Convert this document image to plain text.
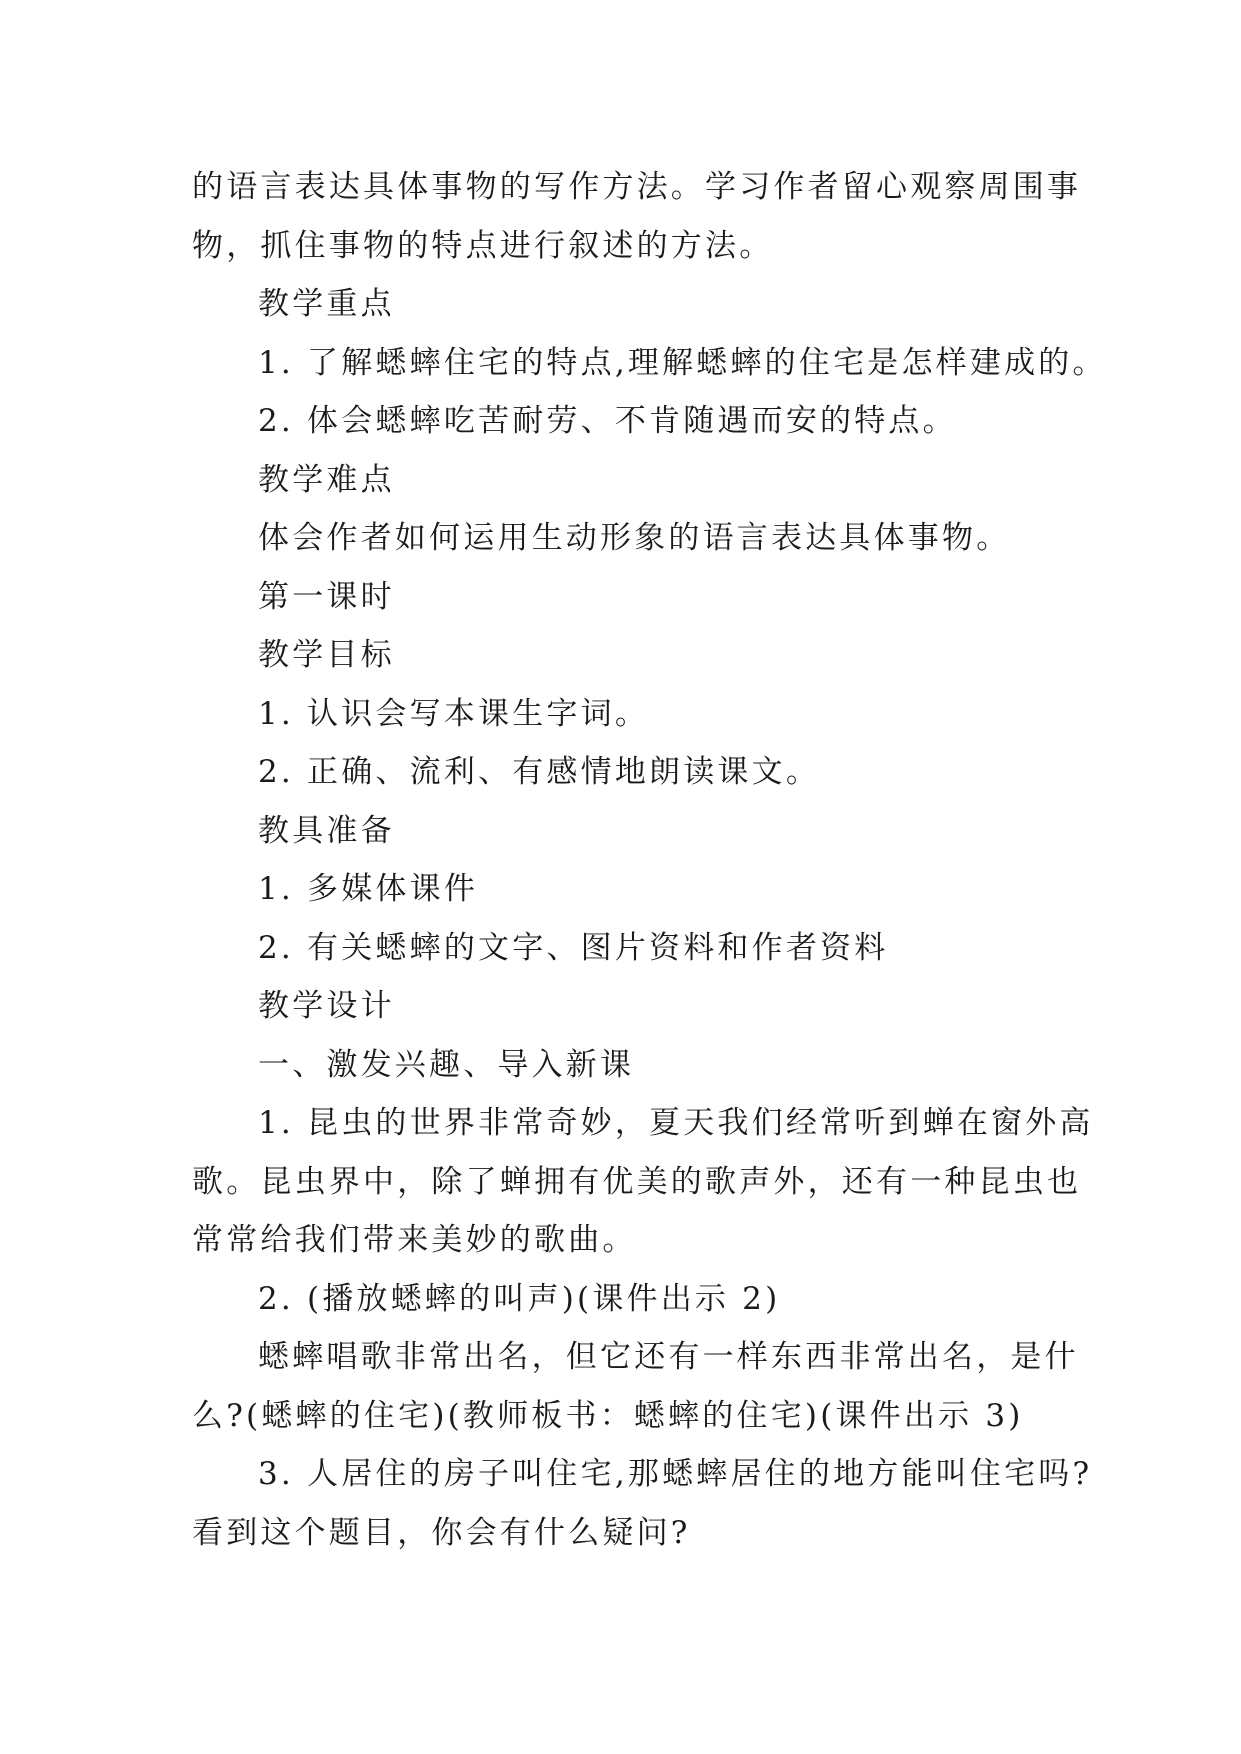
的语言表达具体事物的写作方法。学习作者留心观察周围事
物，抓住事物的特点进行叙述的方法。
教学重点
1. 了解蟋蟀住宅的特点,理解蟋蟀的住宅是怎样建成的。
2. 体会蟋蟀吃苦耐劳、不肯随遇而安的特点。
教学难点
体会作者如何运用生动形象的语言表达具体事物。
第一课时
教学目标
1. 认识会写本课生字词。
2. 正确、流利、有感情地朗读课文。
教具准备
1. 多媒体课件
2. 有关蟋蟀的文字、图片资料和作者资料
教学设计
一、激发兴趣、导入新课
1. 昆虫的世界非常奇妙，夏天我们经常听到蝉在窗外高
歌。昆虫界中，除了蝉拥有优美的歌声外，还有一种昆虫也
常常给我们带来美妙的歌曲。
2. (播放蟋蟀的叫声)(课件出示 2)
蟋蟀唱歌非常出名，但它还有一样东西非常出名，是什
么?(蟋蟀的住宅)(教师板书：蟋蟀的住宅)(课件出示 3)
3. 人居住的房子叫住宅,那蟋蟀居住的地方能叫住宅吗?
看到这个题目，你会有什么疑问?
